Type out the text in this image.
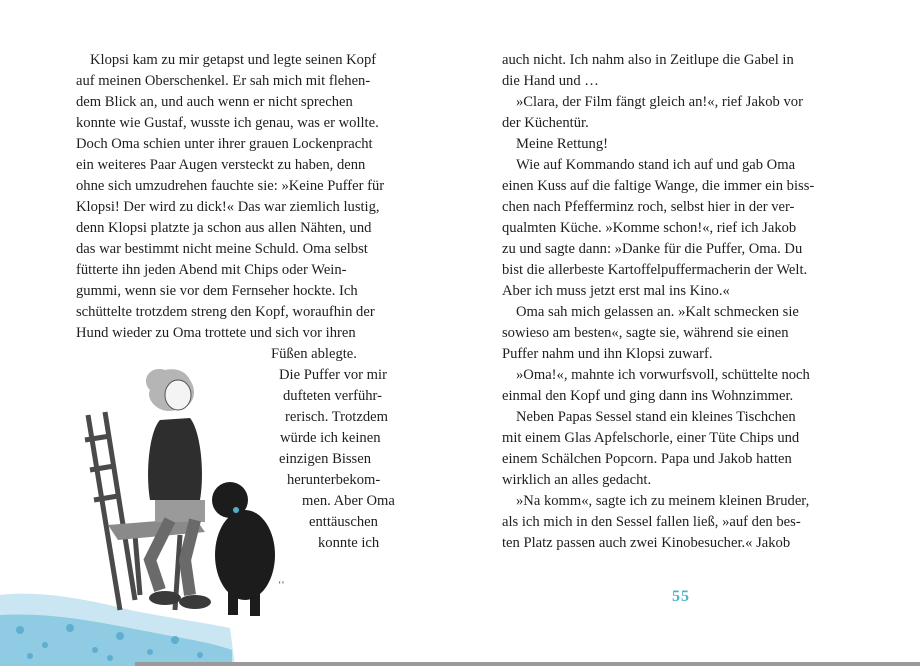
Klopsi kam zu mir getapst und legte seinen Kopf
auf meinen Oberschenkel. Er sah mich mit flehen-
dem Blick an, und auch wenn er nicht sprechen
konnte wie Gustaf, wusste ich genau, was er wollte.
Doch Oma schien unter ihrer grauen Lockenpracht
ein weiteres Paar Augen versteckt zu haben, denn
ohne sich umzudrehen fauchte sie: »Keine Puffer für
Klopsi! Der wird zu dick!« Das war ziemlich lustig,
denn Klopsi platzte ja schon aus allen Nähten, und
das war bestimmt nicht meine Schuld. Oma selbst
fütterte ihn jeden Abend mit Chips oder Wein-
gummi, wenn sie vor dem Fernseher hockte. Ich
schüttelte trotzdem streng den Kopf, woraufhin der
Hund wieder zu Oma trottete und sich vor ihren
Füßen ablegte.
Die Puffer vor mir
dufteten verführ-
rerisch. Trotzdem
würde ich keinen
einzigen Bissen
herunterbekom-
men. Aber Oma
enttäuschen
konnte ich
ʻʻ
auch nicht. Ich nahm also in Zeitlupe die Gabel in
die Hand und …
»Clara, der Film fängt gleich an!«, rief Jakob vor
der Küchentür.
Meine Rettung!
Wie auf Kommando stand ich auf und gab Oma
einen Kuss auf die faltige Wange, die immer ein biss-
chen nach Pfefferminz roch, selbst hier in der ver-
qualmten Küche. »Komme schon!«, rief ich Jakob
zu und sagte dann: »Danke für die Puffer, Oma. Du
bist die allerbeste Kartoffelpuffermacherin der Welt.
Aber ich muss jetzt erst mal ins Kino.«
Oma sah mich gelassen an. »Kalt schmecken sie
sowieso am besten«, sagte sie, während sie einen
Puffer nahm und ihn Klopsi zuwarf.
»Oma!«, mahnte ich vorwurfsvoll, schüttelte noch
einmal den Kopf und ging dann ins Wohnzimmer.
Neben Papas Sessel stand ein kleines Tischchen
mit einem Glas Apfelschorle, einer Tüte Chips und
einem Schälchen Popcorn. Papa und Jakob hatten
wirklich an alles gedacht.
»Na komm«, sagte ich zu meinem kleinen Bruder,
als ich mich in den Sessel fallen ließ, »auf den bes-
ten Platz passen auch zwei Kinobesucher.« Jakob
55
